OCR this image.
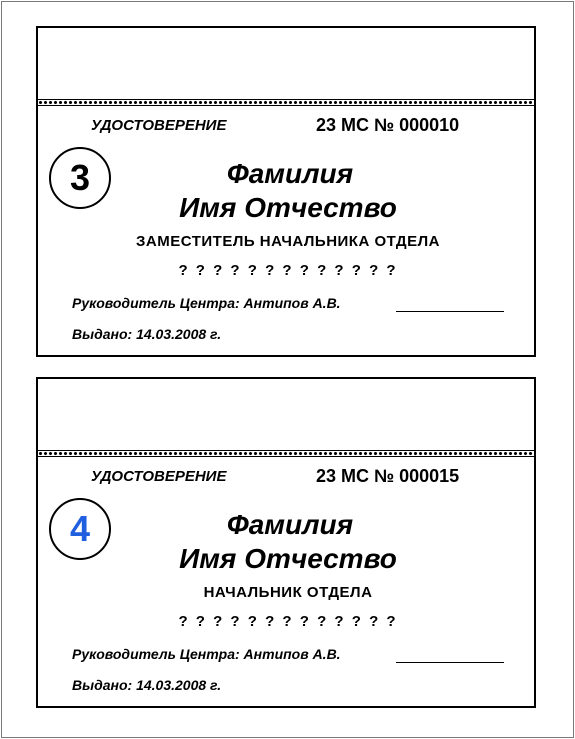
УДОСТОВЕРЕНИЕ	23 МС № 000010
3	Фамилия
Имя Отчество
ЗАМЕСТИТЕЛЬ НАЧАЛЬНИКА ОТДЕЛА
? ? ? ? ? ? ? ? ? ? ? ? ?
Руководитель Центра: Антипов А.В.
Выдано: 14.03.2008 г.
УДОСТОВЕРЕНИЕ	23 МС № 000015
4	Фамилия
Имя Отчество
НАЧАЛЬНИК ОТДЕЛА
? ? ? ? ? ? ? ? ? ? ? ? ?
Руководитель Центра: Антипов А.В.
Выдано: 14.03.2008 г.
